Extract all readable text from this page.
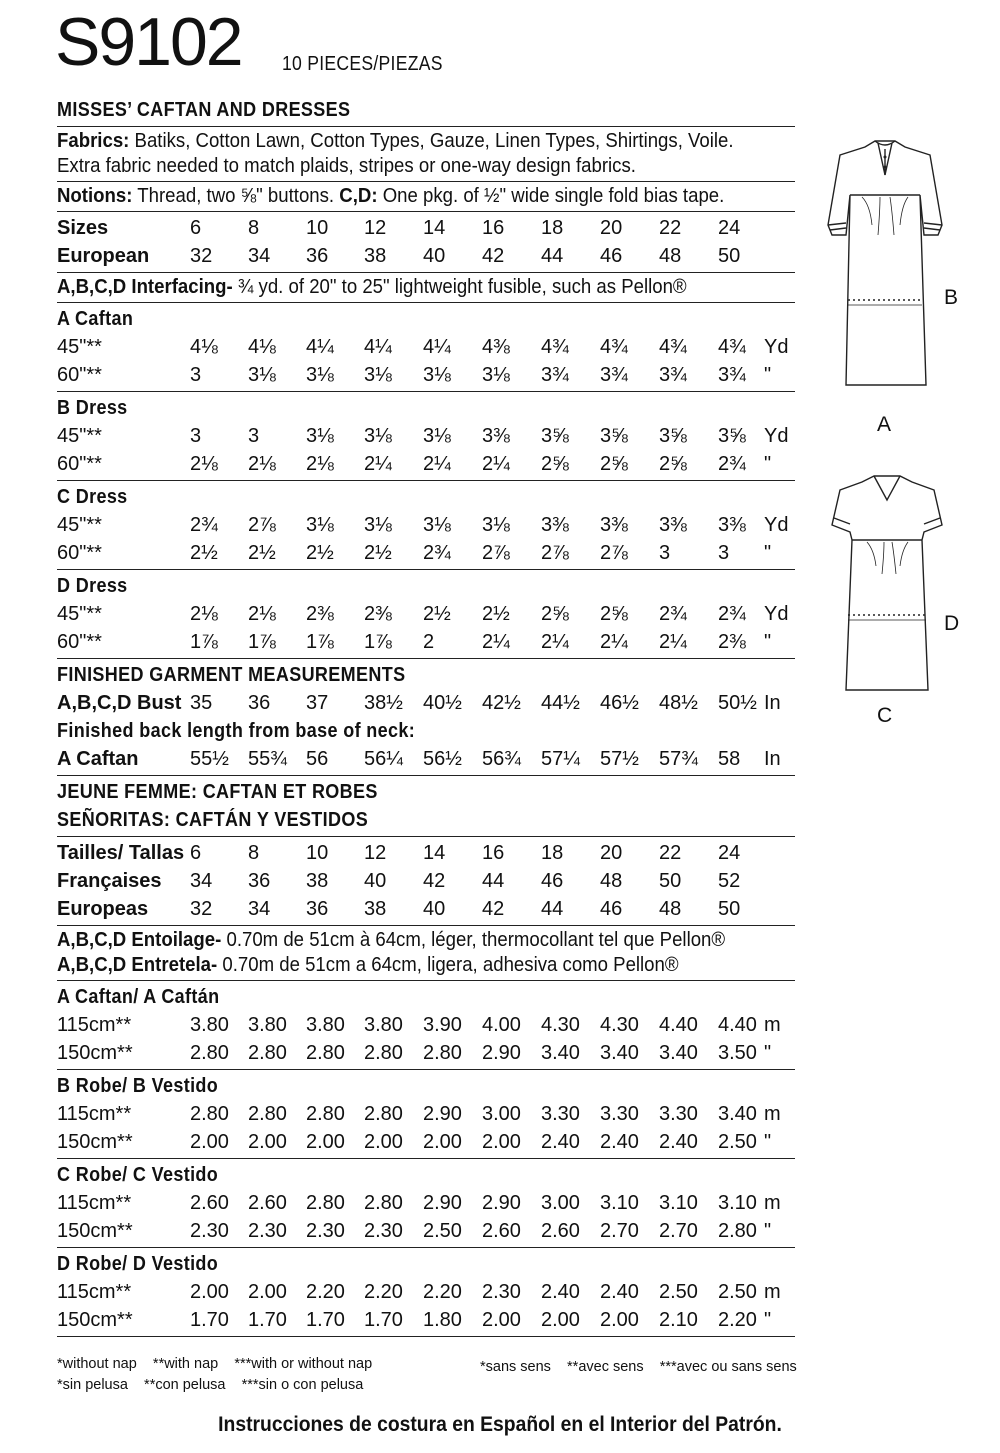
S9102 10 PIECES/PIEZAS
MISSES’ CAFTAN AND DRESSES
Fabrics: Batiks, Cotton Lawn, Cotton Types, Gauze, Linen Types, Shirtings, Voile.
Extra fabric needed to match plaids, stripes or one-way design fabrics.
Notions: Thread, two ⅝" buttons. C,D: One pkg. of ½" wide single fold bias tape.
Sizes	6 8 10 12 14 16 18 20 22 24
European 32 34 36 38 40 42 44 46 48 50
A,B,C,D Interfacing- ¾ yd. of 20" to 25" lightweight fusible, such as Pellon®
A Caftan
45"**	4⅛ 4⅛ 4¼ 4¼ 4¼ 4⅜ 4¾ 4¾ 4¾ 4¾ Yd
60"**	3 3⅛ 3⅛ 3⅛ 3⅛ 3⅛ 3¾ 3¾ 3¾ 3¾ "
B Dress
45"**	3 3 3⅛ 3⅛ 3⅛ 3⅜ 3⅝ 3⅝ 3⅝ 3⅝ Yd
60"**	2⅛ 2⅛ 2⅛ 2¼ 2¼ 2¼ 2⅝ 2⅝ 2⅝ 2¾ "
C Dress
45"**	2¾ 2⅞ 3⅛ 3⅛ 3⅛ 3⅛ 3⅜ 3⅜ 3⅜ 3⅜ Yd
60"**	2½ 2½ 2½ 2½ 2¾ 2⅞ 2⅞ 2⅞ 3 3 "
D Dress
45"**	2⅛ 2⅛ 2⅜ 2⅜ 2½ 2½ 2⅝ 2⅝ 2¾ 2¾ Yd
60"**	1⅞ 1⅞ 1⅞ 1⅞ 2 2¼ 2¼ 2¼ 2¼ 2⅜ "
FINISHED GARMENT MEASUREMENTS
A,B,C,D Bust 35 36 37 38½ 40½ 42½ 44½ 46½ 48½ 50½ In
Finished back length from base of neck:
A Caftan	55½ 55¾ 56 56¼ 56½ 56¾ 57¼ 57½ 57¾ 58 In
JEUNE FEMME: CAFTAN ET ROBES
SEÑORITAS: CAFTÁN Y VESTIDOS
Tailles/ Tallas 6 8 10 12 14 16 18 20 22 24
Françaises 34 36 38 40 42 44 46 48 50 52
Europeas 32 34 36 38 40 42 44 46 48 50
A,B,C,D Entoilage- 0.70m de 51cm à 64cm, léger, thermocollant tel que Pellon®
A,B,C,D Entretela- 0.70m de 51cm a 64cm, ligera, adhesiva como Pellon®
A Caftan/ A Caftán
115cm**	3.80 3.80 3.80 3.80 3.90 4.00 4.30 4.30 4.40 4.40 m
150cm**	2.80 2.80 2.80 2.80 2.80 2.90 3.40 3.40 3.40 3.50 "
B Robe/ B Vestido
115cm**	2.80 2.80 2.80 2.80 2.90 3.00 3.30 3.30 3.30 3.40 m
150cm**	2.00 2.00 2.00 2.00 2.00 2.00 2.40 2.40 2.40 2.50 "
C Robe/ C Vestido
115cm**	2.60 2.60 2.80 2.80 2.90 2.90 3.00 3.10 3.10 3.10 m
150cm**	2.30 2.30 2.30 2.30 2.50 2.60 2.60 2.70 2.70 2.80 "
D Robe/ D Vestido
115cm**	2.00 2.00 2.20 2.20 2.20 2.30 2.40 2.40 2.50 2.50 m
150cm**	1.70 1.70 1.70 1.70 1.80 2.00 2.00 2.00 2.10 2.20 "
B
A
D
C
*without nap    **with nap    ***with or without nap
*sin pelusa    **con pelusa    ***sin o con pelusa
*sans sens    **avec sens    ***avec ou sans sens
Instrucciones de costura en Español en el Interior del Patrón.
